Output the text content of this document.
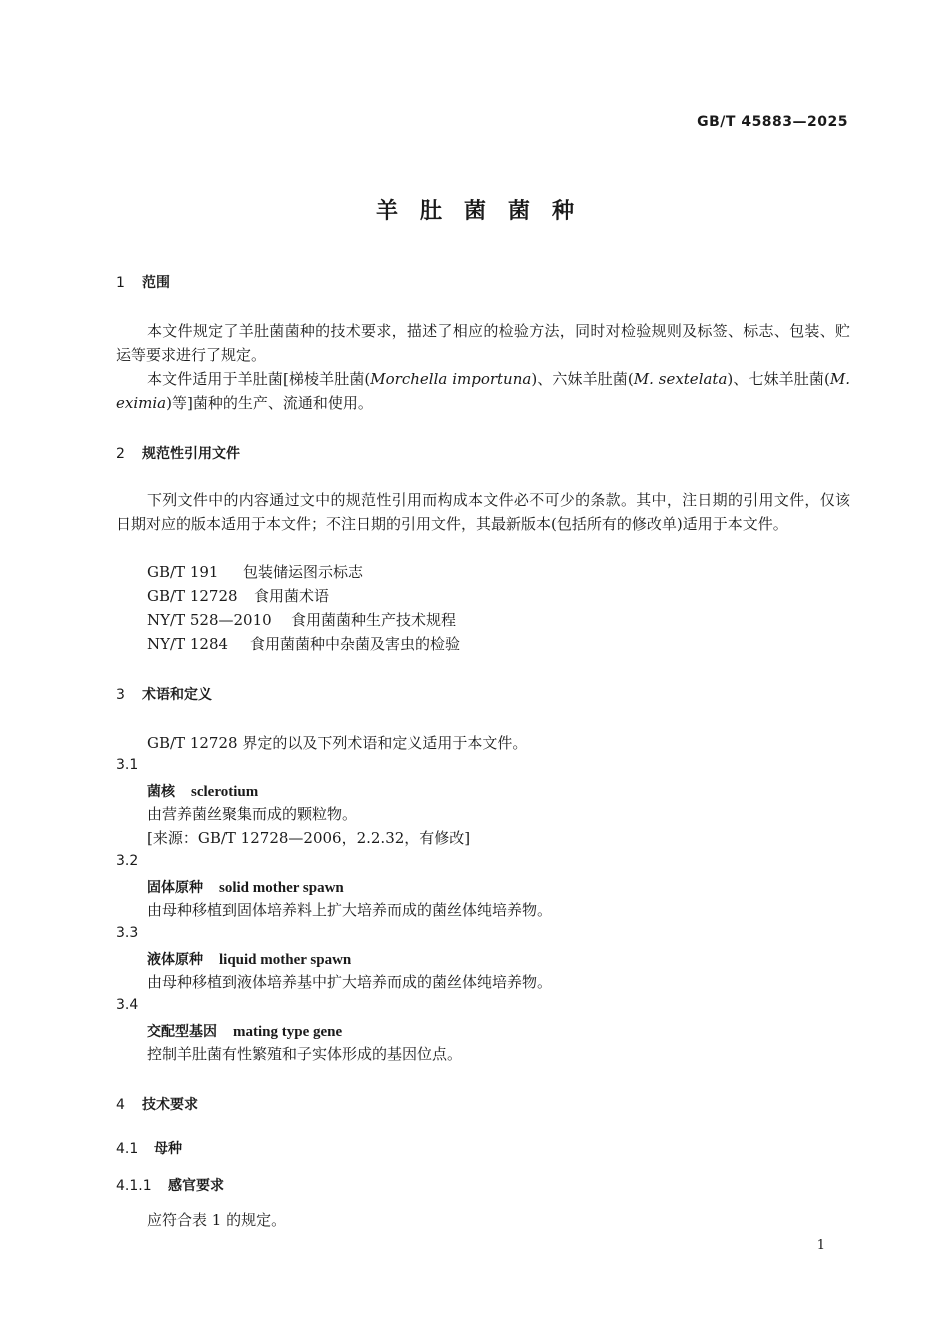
GB/T 45883—2025
羊肚菌菌种
1 范围
本文件规定了羊肚菌菌种的技术要求，描述了相应的检验方法，同时对检验规则及标签、标志、包装、贮运等要求进行了规定。
本文件适用于羊肚菌[梯棱羊肚菌(Morchella importuna)、六妹羊肚菌(M. sextelata)、七妹羊肚菌(M. eximia)等]菌种的生产、流通和使用。
2 规范性引用文件
下列文件中的内容通过文中的规范性引用而构成本文件必不可少的条款。其中，注日期的引用文件，仅该日期对应的版本适用于本文件；不注日期的引用文件，其最新版本(包括所有的修改单)适用于本文件。
GB/T 191 包装储运图示标志
GB/T 12728 食用菌术语
NY/T 528—2010 食用菌菌种生产技术规程
NY/T 1284 食用菌菌种中杂菌及害虫的检验
3 术语和定义
GB/T 12728 界定的以及下列术语和定义适用于本文件。
3.1
菌核 sclerotium
由营养菌丝聚集而成的颗粒物。
[来源：GB/T 12728—2006，2.2.32，有修改]
3.2
固体原种 solid mother spawn
由母种移植到固体培养料上扩大培养而成的菌丝体纯培养物。
3.3
液体原种 liquid mother spawn
由母种移植到液体培养基中扩大培养而成的菌丝体纯培养物。
3.4
交配型基因 mating type gene
控制羊肚菌有性繁殖和子实体形成的基因位点。
4 技术要求
4.1 母种
4.1.1 感官要求
应符合表 1 的规定。
1
